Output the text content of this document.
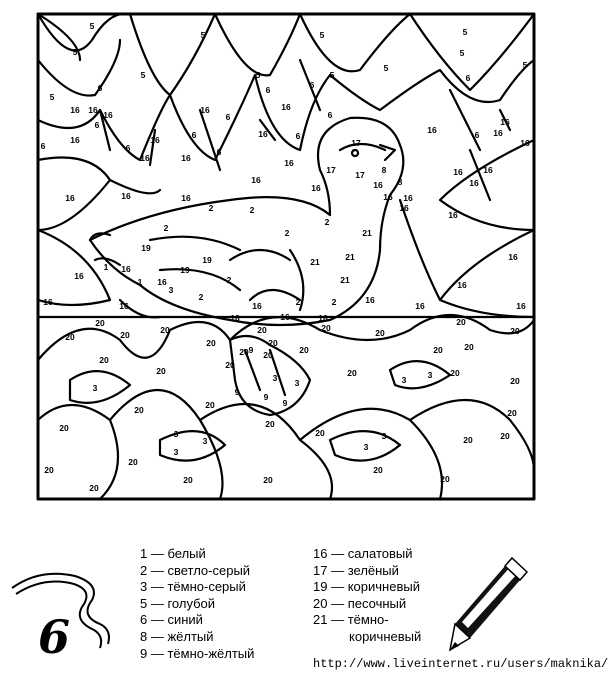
5
5	5	5
5
5	5	5
5
5
5
5
6
6
6
6
16 16 16
6
16
6
16
6
16
16
16
6
6
16
6
16
16	6	16	6
16
6
16
16
16
16
16
16
16
16	16	16	16
16
16
17
17 17
16
8
8
16
16
2
2
2
2
2
21
21	21
21
19
19
19
1
16
16
16
1
3
2
2
2	2
16
16
16
16
16	16	16
16
16
16
20
20
20	20
20
20
20
20	20
20
20
20
20	20
20	20
20
20 20	20
20
20
3
3	3
3 3
9
9	9
9
20	20
20
20	20	20
20
20
3
3
3
3
3
20
20	20
20
20
20
20
1 — белый
2 — светло-серый
3 — тёмно-серый
5 — голубой
6 — синий
8 — жёлтый
9 — тёмно-жёлтый
16 — салатовый
17 — зелёный
19 — коричневый
20 — песочный
21 — тёмно-
коричневый
6	http://www.liveinternet.ru/users/maknika/
